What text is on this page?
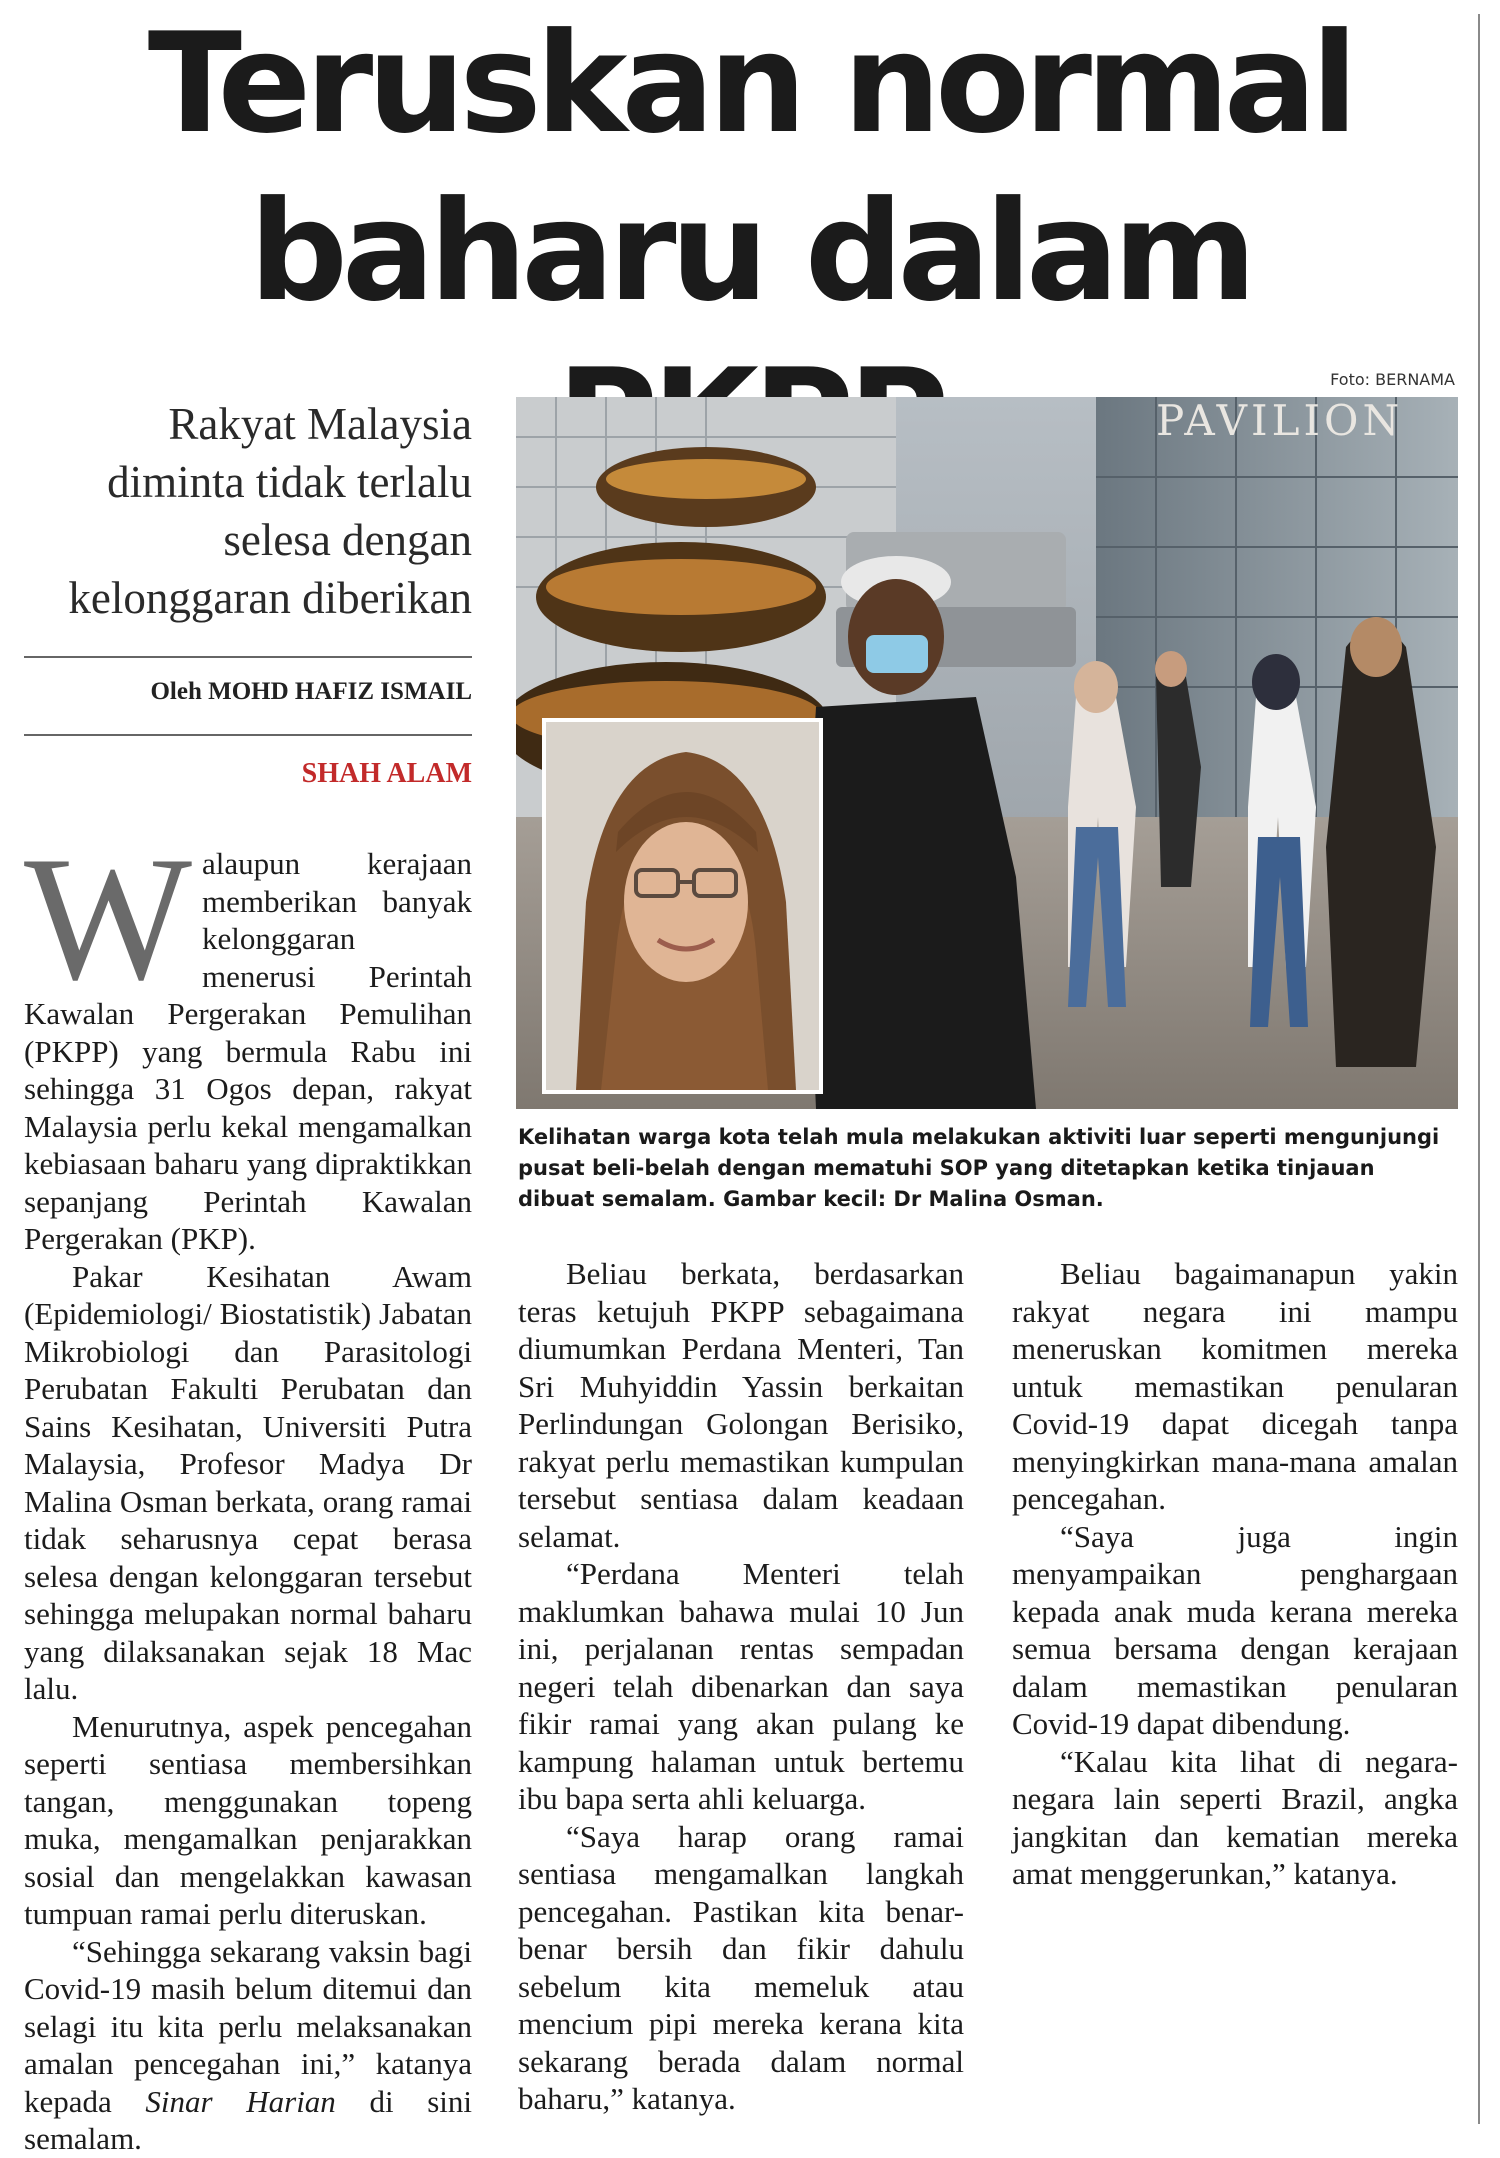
Teruskan normal
baharu dalam
Foto: BERNAMA
Rakyat Malaysia
diminta tidak terlalu
selesa dengan
kelonggaran diberikan
Oleh MOHD HAFIZ ISMAIL
SHAH ALAM
PAVILION

Kelihatan warga kota telah mula melakukan aktiviti luar seperti mengunjungi pusat beli-belah dengan mematuhi SOP yang ditetapkan ketika tinjauan dibuat semalam. Gambar kecil: Dr Malina Osman.

Walaupun kerajaan memberikan banyak kelonggaran menerusi Perintah Kawalan Pergerakan Pemulihan (PKPP) yang bermula Rabu ini sehingga 31 Ogos depan, rakyat Malaysia perlu kekal mengamalkan kebiasaan baharu yang dipraktikkan sepanjang Perintah Kawalan Pergerakan (PKP).

Pakar Kesihatan Awam (Epidemiologi/ Biostatistik) Jabatan Mikrobiologi dan Parasitologi Perubatan Fakulti Perubatan dan Sains Kesihatan, Universiti Putra Malaysia, Profesor Madya Dr Malina Osman berkata, orang ramai tidak seharusnya cepat berasa selesa dengan kelonggaran tersebut sehingga melupakan normal baharu yang dilaksanakan sejak 18 Mac lalu.

Menurutnya, aspek pencegahan seperti sentiasa membersihkan tangan, menggunakan topeng muka, mengamalkan penjarakkan sosial dan mengelakkan kawasan tumpuan ramai perlu diteruskan.

“Sehingga sekarang vaksin bagi Covid-19 masih belum ditemui dan selagi itu kita perlu melaksanakan amalan pencegahan ini,” katanya kepada Sinar Harian di sini semalam.

Beliau berkata, berdasarkan teras ketujuh PKPP sebagaimana diumumkan Perdana Menteri, Tan Sri Muhyiddin Yassin berkaitan Perlindungan Golongan Berisiko, rakyat perlu memastikan kumpulan tersebut sentiasa dalam keadaan selamat.

“Perdana Menteri telah maklumkan bahawa mulai 10 Jun ini, perjalanan rentas sempadan negeri telah dibenarkan dan saya fikir ramai yang akan pulang ke kampung halaman untuk bertemu ibu bapa serta ahli keluarga.

“Saya harap orang ramai sentiasa mengamalkan langkah pencegahan. Pastikan kita benar-benar bersih dan fikir dahulu sebelum kita memeluk atau mencium pipi mereka kerana kita sekarang berada dalam normal baharu,” katanya.

Beliau bagaimanapun yakin rakyat negara ini mampu meneruskan komitmen mereka untuk memastikan penularan Covid-19 dapat dicegah tanpa menyingkirkan mana-mana amalan pencegahan.

“Saya juga ingin menyampaikan penghargaan kepada anak muda kerana mereka semua bersama dengan kerajaan dalam memastikan penularan Covid-19 dapat dibendung.

“Kalau kita lihat di negara-negara lain seperti Brazil, angka jangkitan dan kematian mereka amat menggerunkan,” katanya.
